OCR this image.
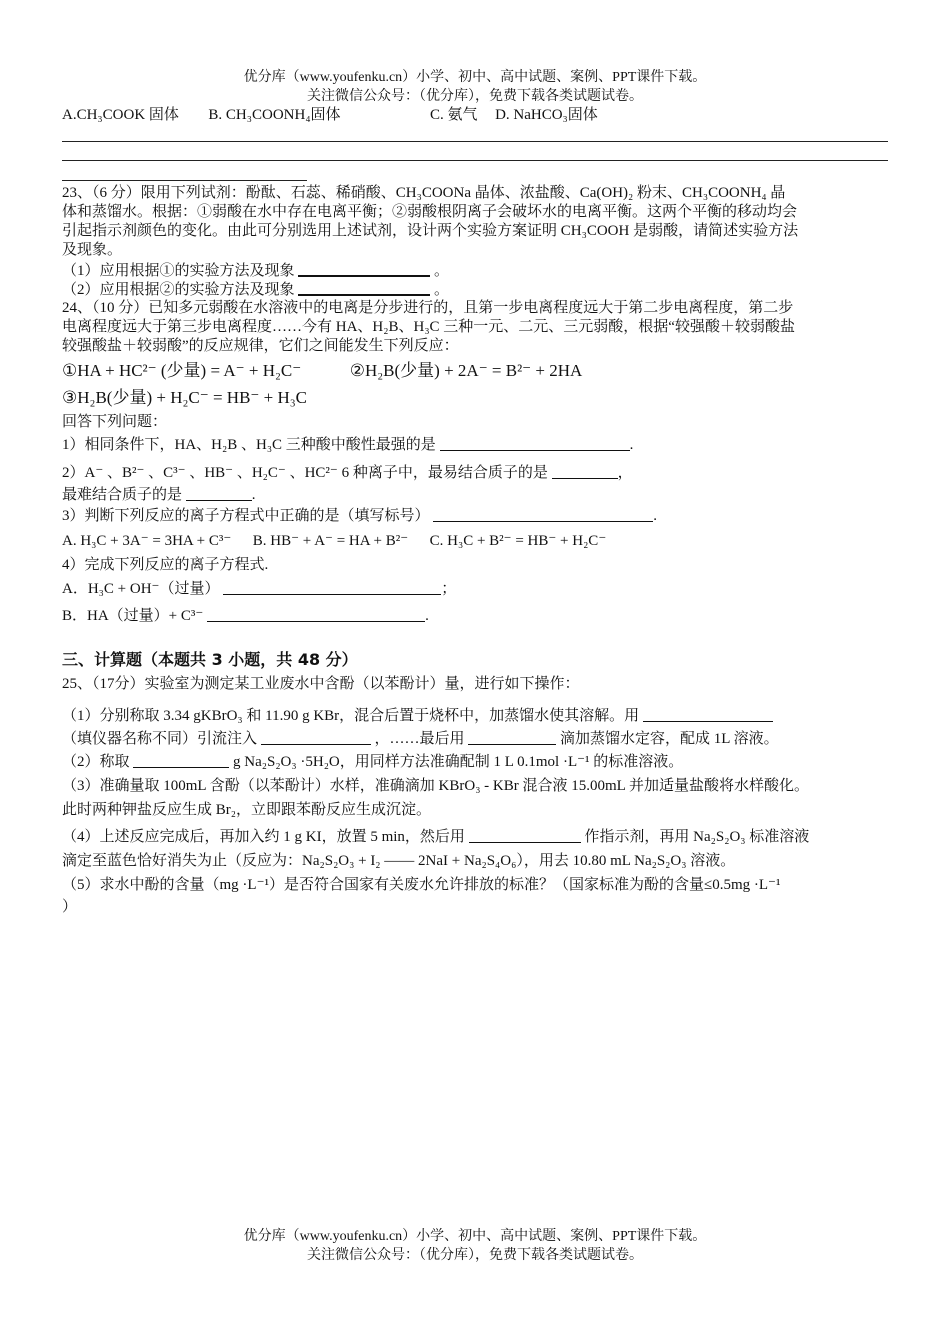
优分库（www.youfenku.cn）小学、初中、高中试题、案例、PPT课件下载。
关注微信公众号：（优分库），免费下载各类试题试卷。
A.CH₃COOK 固体 B. CH₃COONH₄固体	C. 氨气 D. NaHCO₃固体
23、（6 分）限用下列试剂：酚酞、石蕊、稀硝酸、CH₃COONa 晶体、浓盐酸、Ca(OH)₂ 粉末、CH₃COONH₄ 晶
体和蒸馏水。根据：①弱酸在水中存在电离平衡；②弱酸根阴离子会破坏水的电离平衡。这两个平衡的移动均会
引起指示剂颜色的变化。由此可分别选用上述试剂，设计两个实验方案证明 CH₃COOH 是弱酸，请简述实验方法
及现象。
（1）应用根据①的实验方法及现象	。
（2）应用根据②的实验方法及现象	。
24、（10 分）已知多元弱酸在水溶液中的电离是分步进行的，且第一步电离程度远大于第二步电离程度，第二步
电离程度远大于第三步电离程度……今有 HA、H₂B、H₃C 三种一元、二元、三元弱酸，根据“较强酸＋较弱酸盐
较强酸盐＋较弱酸”的反应规律，它们之间能发生下列反应：
①HA + HC²⁻ (少量) = A⁻ + H₂C⁻	②H₂B(少量) + 2A⁻ = B²⁻ + 2HA
③H₂B(少量) + H₂C⁻ = HB⁻ + H₃C
回答下列问题：
1）相同条件下，HA、H₂B 、H₃C 三种酸中酸性最强的是	.
2）A⁻ 、B²⁻ 、C³⁻ 、HB⁻ 、H₂C⁻ 、HC²⁻ 6 种离子中，最易结合质子的是	，
最难结合质子的是	.
3）判断下列反应的离子方程式中正确的是（填写标号）	.
A. H₃C + 3A⁻ = 3HA + C³⁻ B. HB⁻ + A⁻ = HA + B²⁻ C. H₃C + B²⁻ = HB⁻ + H₂C⁻
4）完成下列反应的离子方程式.
A．H₃C + OH⁻（过量）	；
B．HA（过量）+ C³⁻	.
三、计算题（本题共 3 小题，共 48 分）
25、（17分）实验室为测定某工业废水中含酚（以苯酚计）量，进行如下操作：
（1）分别称取 3.34 gKBrO₃ 和 11.90 g KBr，混合后置于烧杯中，加蒸馏水使其溶解。用
（填仪器名称不同）引流注入	，……最后用	滴加蒸馏水定容，配成 1L 溶液。
（2）称取	g Na₂S₂O₃ ·5H₂O，用同样方法准确配制 1 L 0.1mol ·L⁻¹ 的标准溶液。
（3）准确量取 100mL 含酚（以苯酚计）水样，准确滴加 KBrO₃ - KBr 混合液 15.00mL 并加适量盐酸将水样酸化。
此时两种钾盐反应生成 Br₂，立即跟苯酚反应生成沉淀。
（4）上述反应完成后，再加入约 1 g KI，放置 5 min，然后用	作指示剂，再用 Na₂S₂O₃ 标准溶液
滴定至蓝色恰好消失为止（反应为：Na₂S₂O₃ + I₂ —— 2NaI + Na₂S₄O₆），用去 10.80 mL Na₂S₂O₃ 溶液。
（5）求水中酚的含量（mg ·L⁻¹）是否符合国家有关废水允许排放的标准？（国家标准为酚的含量≤0.5mg ·L⁻¹
）
优分库（www.youfenku.cn）小学、初中、高中试题、案例、PPT课件下载。
关注微信公众号：（优分库），免费下载各类试题试卷。
